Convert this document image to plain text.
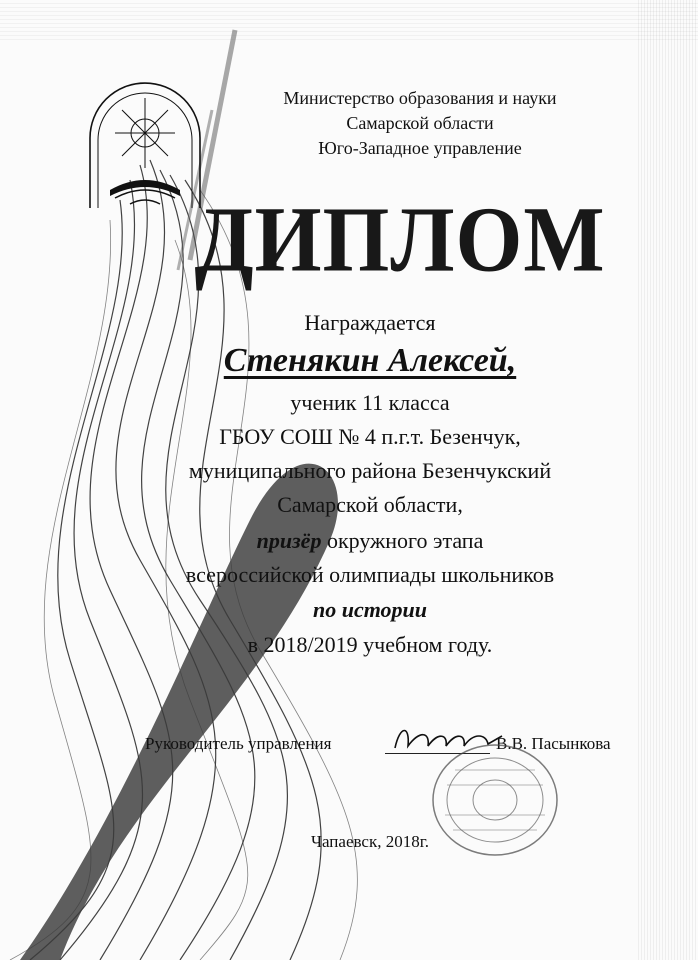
Министерство образования и науки
Самарской области
Юго-Западное управление
ДИПЛОМ
Награждается
Стенякин Алексей,
ученик 11 класса
ГБОУ СОШ № 4 п.г.т. Безенчук,
муниципального района Безенчукский
Самарской области,
призёр окружного этапа
всероссийской олимпиады школьников
по истории
в 2018/2019 учебном году.
Руководитель управления	В.В. Пасынкова
Чапаевск, 2018г.
